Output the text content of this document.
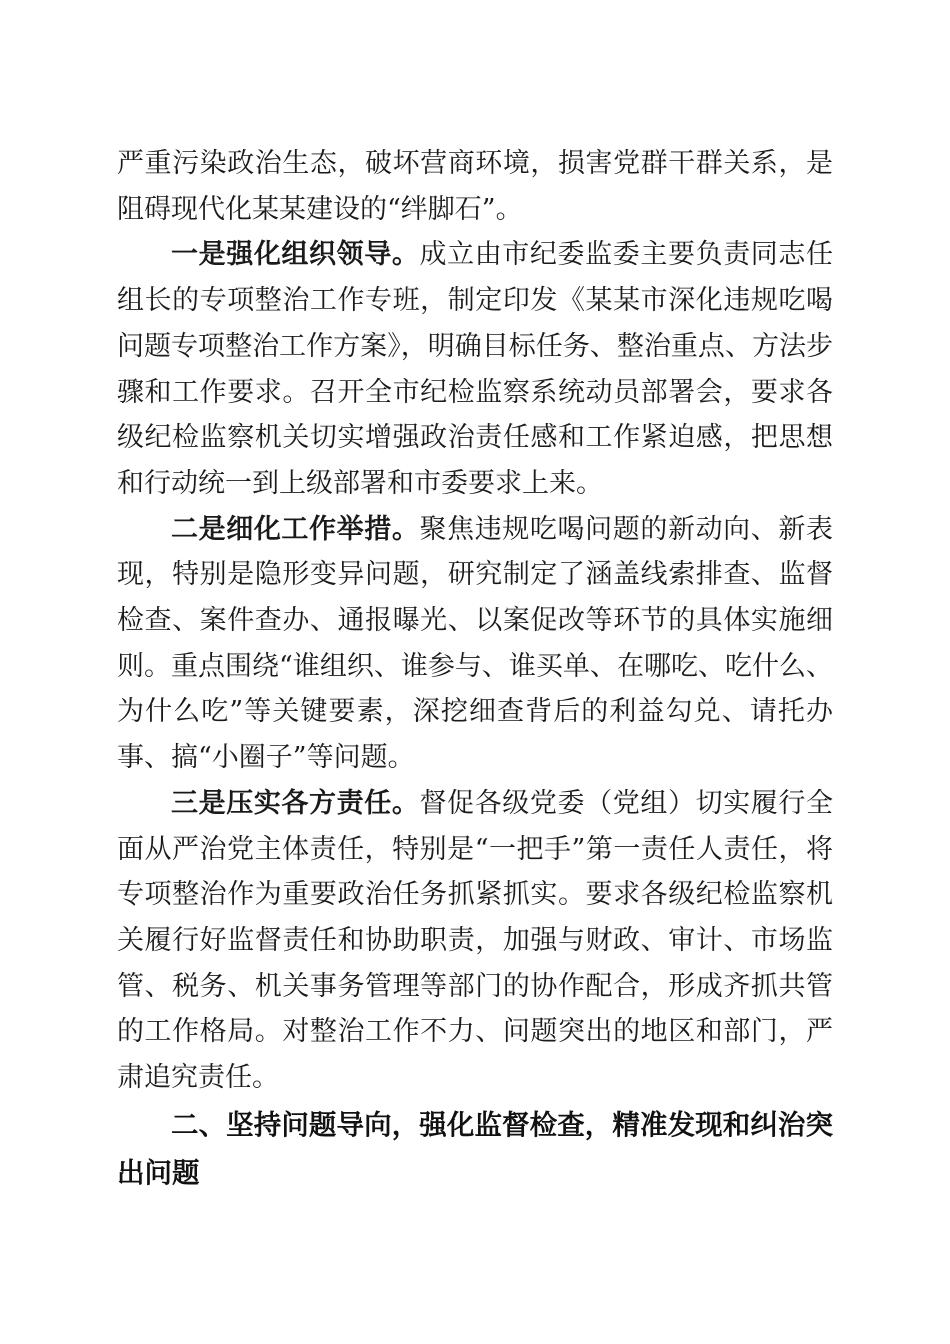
严重污染政治生态，破坏营商环境，损害党群干群关系，是阻碍现代化某某建设的“绊脚石”。

一是强化组织领导。成立由市纪委监委主要负责同志任组长的专项整治工作专班，制定印发《某某市深化违规吃喝问题专项整治工作方案》，明确目标任务、整治重点、方法步骤和工作要求。召开全市纪检监察系统动员部署会，要求各级纪检监察机关切实增强政治责任感和工作紧迫感，把思想和行动统一到上级部署和市委要求上来。

二是细化工作举措。聚焦违规吃喝问题的新动向、新表现，特别是隐形变异问题，研究制定了涵盖线索排查、监督检查、案件查办、通报曝光、以案促改等环节的具体实施细则。重点围绕“谁组织、谁参与、谁买单、在哪吃、吃什么、为什么吃”等关键要素，深挖细查背后的利益勾兑、请托办事、搞“小圈子”等问题。

三是压实各方责任。督促各级党委（党组）切实履行全面从严治党主体责任，特别是“一把手”第一责任人责任，将专项整治作为重要政治任务抓紧抓实。要求各级纪检监察机关履行好监督责任和协助职责，加强与财政、审计、市场监管、税务、机关事务管理等部门的协作配合，形成齐抓共管的工作格局。对整治工作不力、问题突出的地区和部门，严肃追究责任。

二、坚持问题导向，强化监督检查，精准发现和纠治突出问题
